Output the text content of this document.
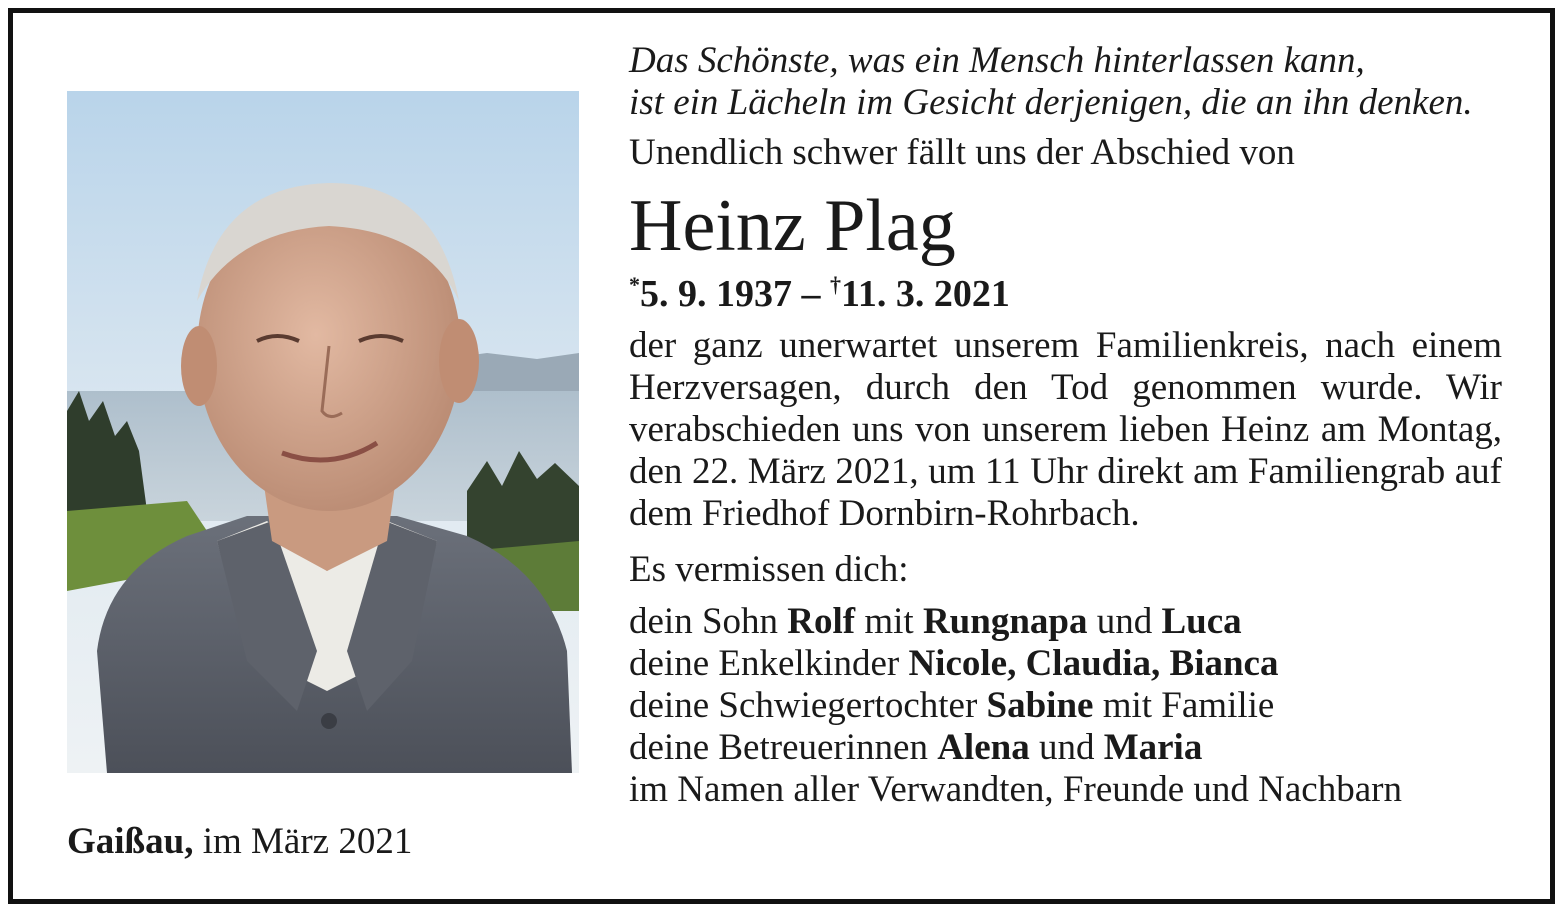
Das Schönste, was ein Mensch hinterlassen kann,
ist ein Lächeln im Gesicht derjenigen, die an ihn denken.

Unendlich schwer fällt uns der Abschied von

Heinz Plag

*5. 9. 1937 – †11. 3. 2021

der ganz unerwartet unserem Familienkreis, nach einem Herzversagen, durch den Tod genommen wurde. Wir verabschieden uns von unserem lieben Heinz am Montag, den 22. März 2021, um 11 Uhr direkt am Familiengrab auf dem Friedhof Dornbirn-Rohrbach.

Es vermissen dich:

dein Sohn Rolf mit Rungnapa und Luca
deine Enkelkinder Nicole, Claudia, Bianca
deine Schwiegertochter Sabine mit Familie
deine Betreuerinnen Alena und Maria
im Namen aller Verwandten, Freunde und Nachbarn
Gaißau, im März 2021
